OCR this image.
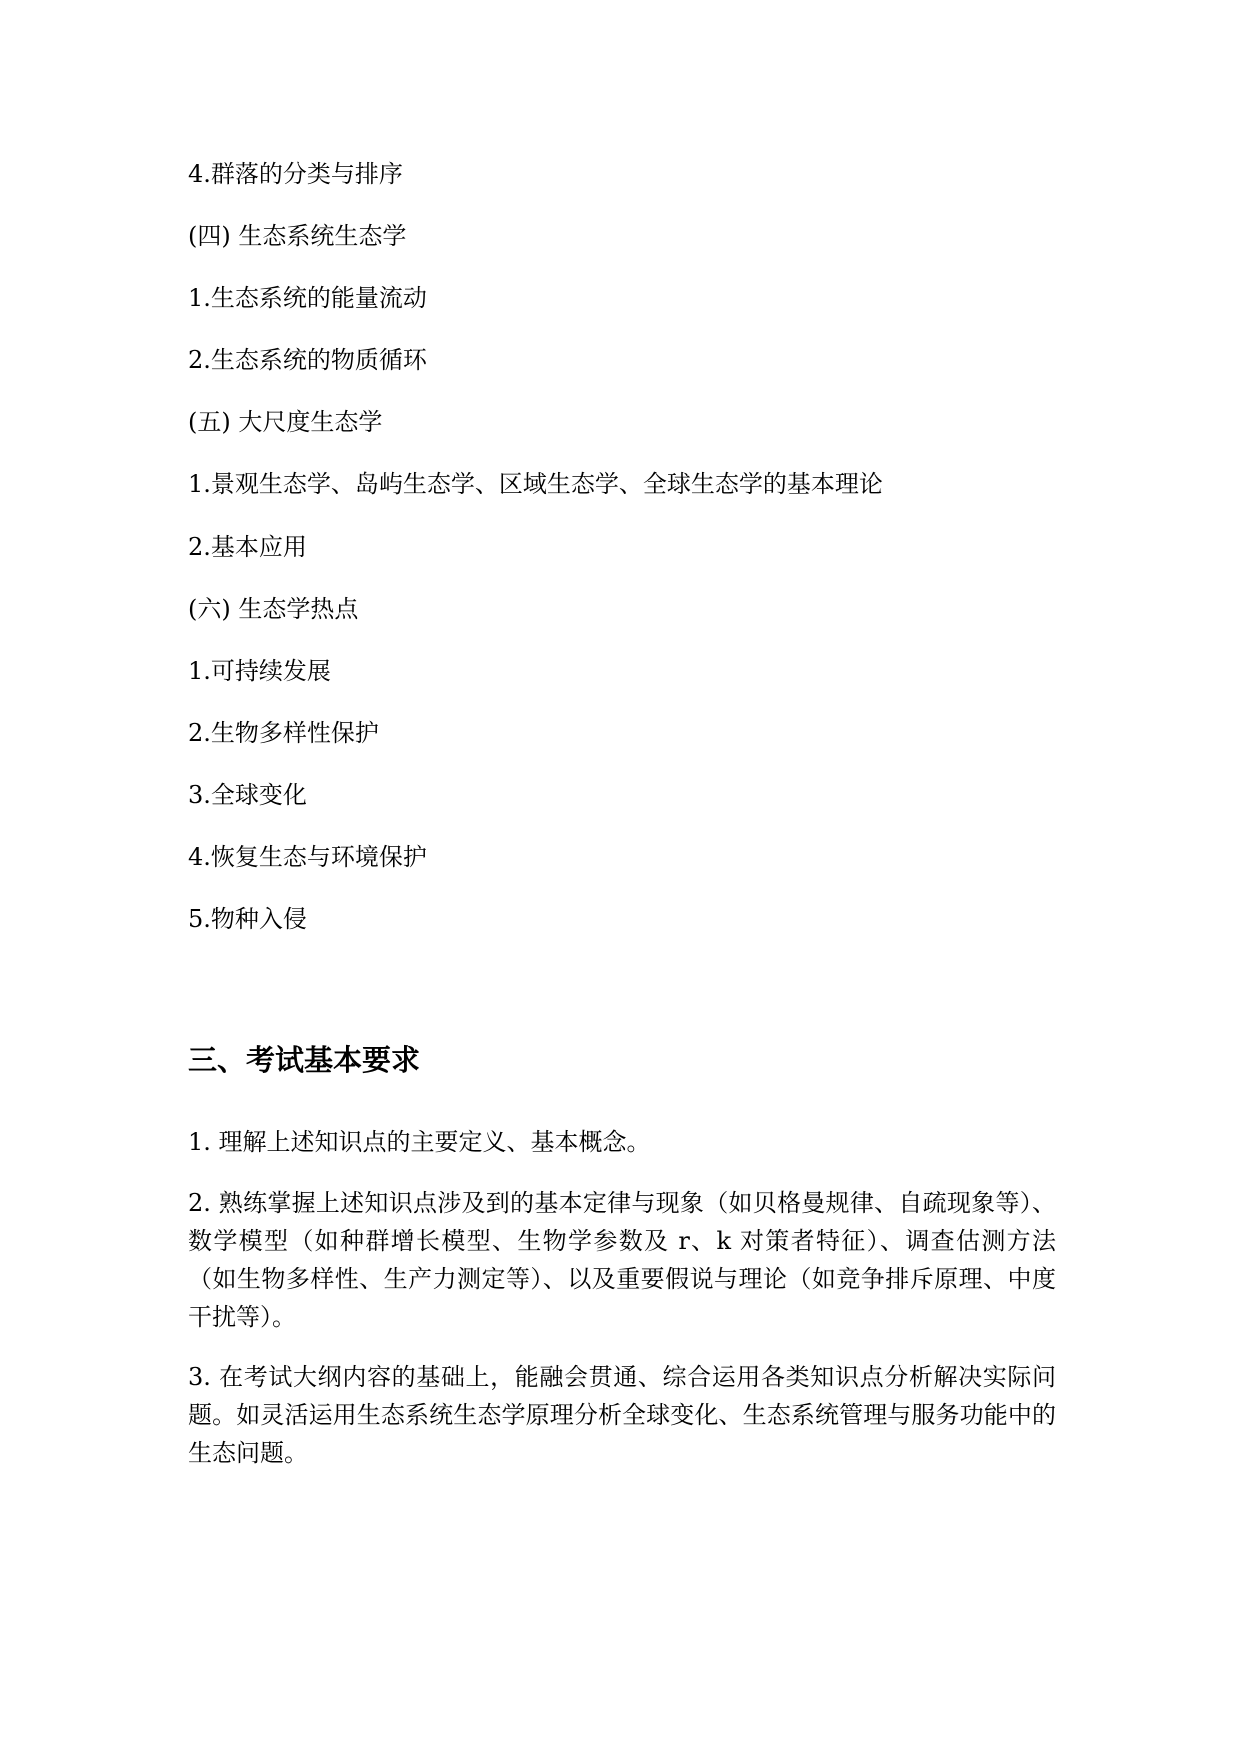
4.群落的分类与排序
(四) 生态系统生态学
1.生态系统的能量流动
2.生态系统的物质循环
(五) 大尺度生态学
1.景观生态学、岛屿生态学、区域生态学、全球生态学的基本理论
2.基本应用
(六) 生态学热点
1.可持续发展
2.生物多样性保护
3.全球变化
4.恢复生态与环境保护
5.物种入侵
三、考试基本要求
1. 理解上述知识点的主要定义、基本概念。
2. 熟练掌握上述知识点涉及到的基本定律与现象（如贝格曼规律、自疏现象等）、数学模型（如种群增长模型、生物学参数及 r、k 对策者特征）、调查估测方法（如生物多样性、生产力测定等）、以及重要假说与理论（如竞争排斥原理、中度干扰等）。
3. 在考试大纲内容的基础上，能融会贯通、综合运用各类知识点分析解决实际问题。如灵活运用生态系统生态学原理分析全球变化、生态系统管理与服务功能中的生态问题。
